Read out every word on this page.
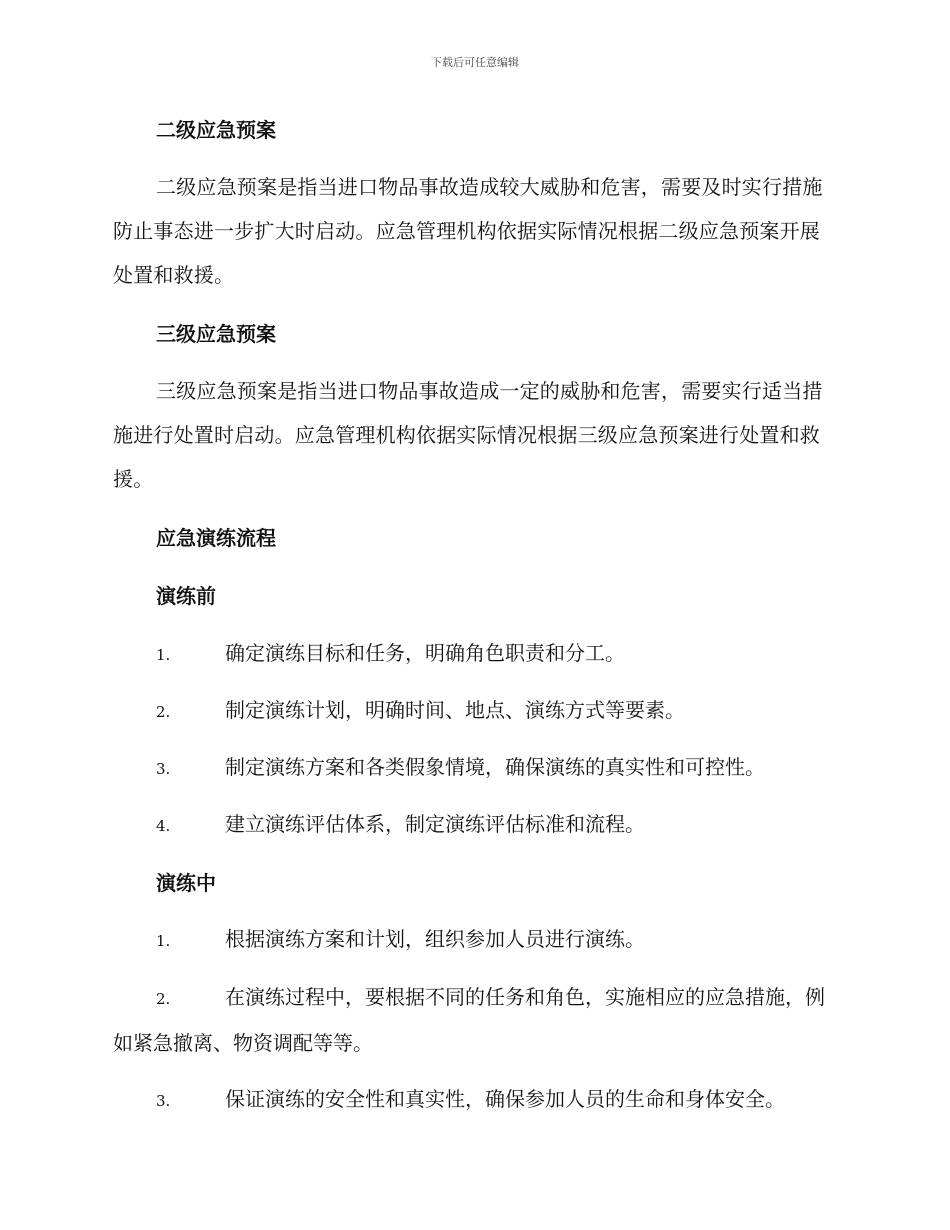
下载后可任意编辑
二级应急预案
二级应急预案是指当进口物品事故造成较大威胁和危害，需要及时实行措施防止事态进一步扩大时启动。应急管理机构依据实际情况根据二级应急预案开展处置和救援。
三级应急预案
三级应急预案是指当进口物品事故造成一定的威胁和危害，需要实行适当措施进行处置时启动。应急管理机构依据实际情况根据三级应急预案进行处置和救援。
应急演练流程
演练前
1.	确定演练目标和任务，明确角色职责和分工。
2.	制定演练计划，明确时间、地点、演练方式等要素。
3.	制定演练方案和各类假象情境，确保演练的真实性和可控性。
4.	建立演练评估体系，制定演练评估标准和流程。
演练中
1.	根据演练方案和计划，组织参加人员进行演练。
2.	在演练过程中，要根据不同的任务和角色，实施相应的应急措施，例如紧急撤离、物资调配等等。
3.	保证演练的安全性和真实性，确保参加人员的生命和身体安全。
